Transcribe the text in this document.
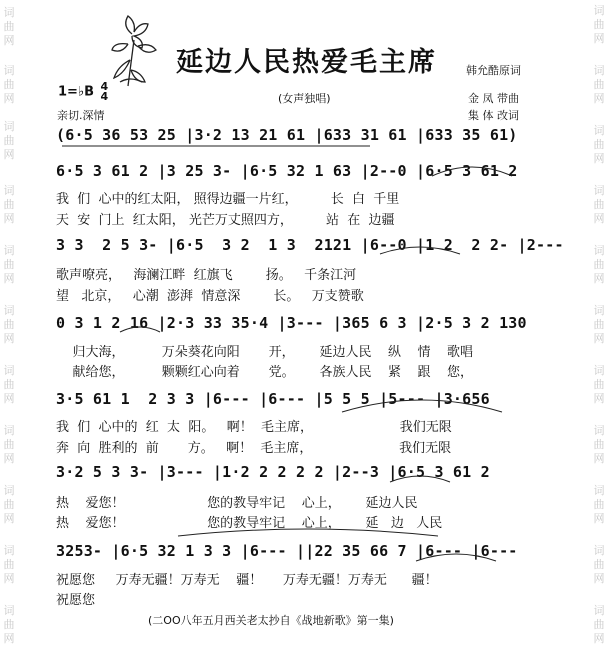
词曲网
词曲网
词曲网
词曲网
词曲网
词曲网
词曲网
词曲网
词曲网
词曲网
词曲网
词曲网
词曲网
词曲网
词曲网
词曲网
词曲网
词曲网
词曲网
词曲网
词曲网
词曲网
延边人民热爱毛主席	韩允酷原词
1=♭B 4
4
亲切.深情
(女声独唱)	金 凤 带曲
集 体 改词
(6·5 36 53 25 |3·2 13 21 61 |633 31 61 |633 35 61)
6·5 3 61 2 |3 25 3- |6·5 32 1 63 |2--0 |6·5 3 61 2
3 3  2 5 3- |6·5  3 2  1 3  2121 |6--0 |1 2  2 2- |2---
0 3 1 2 16 |2·3 33 35·4 |3--- |365 6 3 |2·5 3 2 130
3·5 61 1  2 3 3 |6--- |6--- |5 5 5 |5--- |3·656
3·2 5 3 3- |3--- |1·2 2 2 2 2 |2--3 |6·5 3 61 2
3253- |6·5 32 1 3 3 |6--- ||22 35 66 7 |6--- |6---
我  们  心中的红太阳， 照得边疆一片红，        长  白  千里
天  安  门上  红太阳， 光芒万丈照四方，        站  在  边疆
歌声嘹亮，   海澜江畔  红旗飞        扬。   千条江河
望   北京，   心潮  澎湃  情意深        长。   万支赞歌
归大海，         万朵葵花向阳       开，      延边人民    纵    情    歌唱
献给您，         颗颗红心向着       党。      各族人民    紧    跟    您，
我  们  心中的  红  太  阳。   啊！  毛主席，                     我们无限
奔  向  胜利的  前       方。   啊！  毛主席，                     我们无限
热    爱您！                    您的教导牢记    心上，      延边人民
热    爱您！                    您的教导牢记    心上，      延   边   人民
祝愿您     万寿无疆！万寿无    疆！     万寿无疆！万寿无      疆！
祝愿您
(二OO八年五月西关老太抄自《战地新歌》第一集)
